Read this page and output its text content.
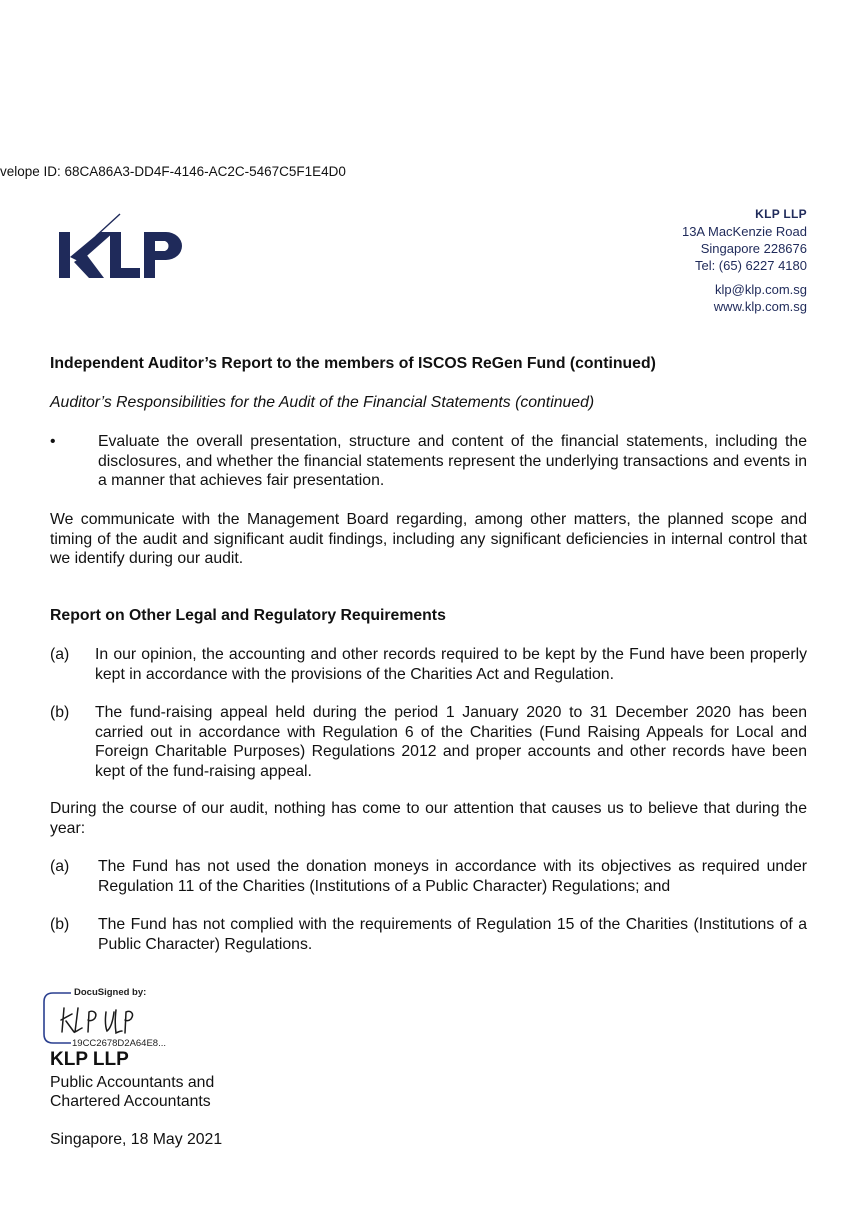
velope ID: 68CA86A3-DD4F-4146-AC2C-5467C5F1E4D0
KLP LLP
13A MacKenzie Road
Singapore 228676
Tel: (65) 6227 4180
klp@klp.com.sg
www.klp.com.sg
Independent Auditor’s Report to the members of ISCOS ReGen Fund (continued)
Auditor’s Responsibilities for the Audit of the Financial Statements (continued)
•	Evaluate the overall presentation, structure and content of the financial statements, including the disclosures, and whether the financial statements represent the underlying transactions and events in a manner that achieves fair presentation.
We communicate with the Management Board regarding, among other matters, the planned scope and timing of the audit and significant audit findings, including any significant deficiencies in internal control that we identify during our audit.
Report on Other Legal and Regulatory Requirements
(a) In our opinion, the accounting and other records required to be kept by the Fund have been properly kept in accordance with the provisions of the Charities Act and Regulation.
(b) The fund-raising appeal held during the period 1 January 2020 to 31 December 2020 has been carried out in accordance with Regulation 6 of the Charities (Fund Raising Appeals for Local and Foreign Charitable Purposes) Regulations 2012 and proper accounts and other records have been kept of the fund-raising appeal.
During the course of our audit, nothing has come to our attention that causes us to believe that during the year:
(a) The Fund has not used the donation moneys in accordance with its objectives as required under Regulation 11 of the Charities (Institutions of a Public Character) Regulations; and
(b) The Fund has not complied with the requirements of Regulation 15 of the Charities (Institutions of a Public Character) Regulations.
DocuSigned by:
19CC2678D2A64E8...
KLP LLP
Public Accountants and
Chartered Accountants
Singapore, 18 May 2021
